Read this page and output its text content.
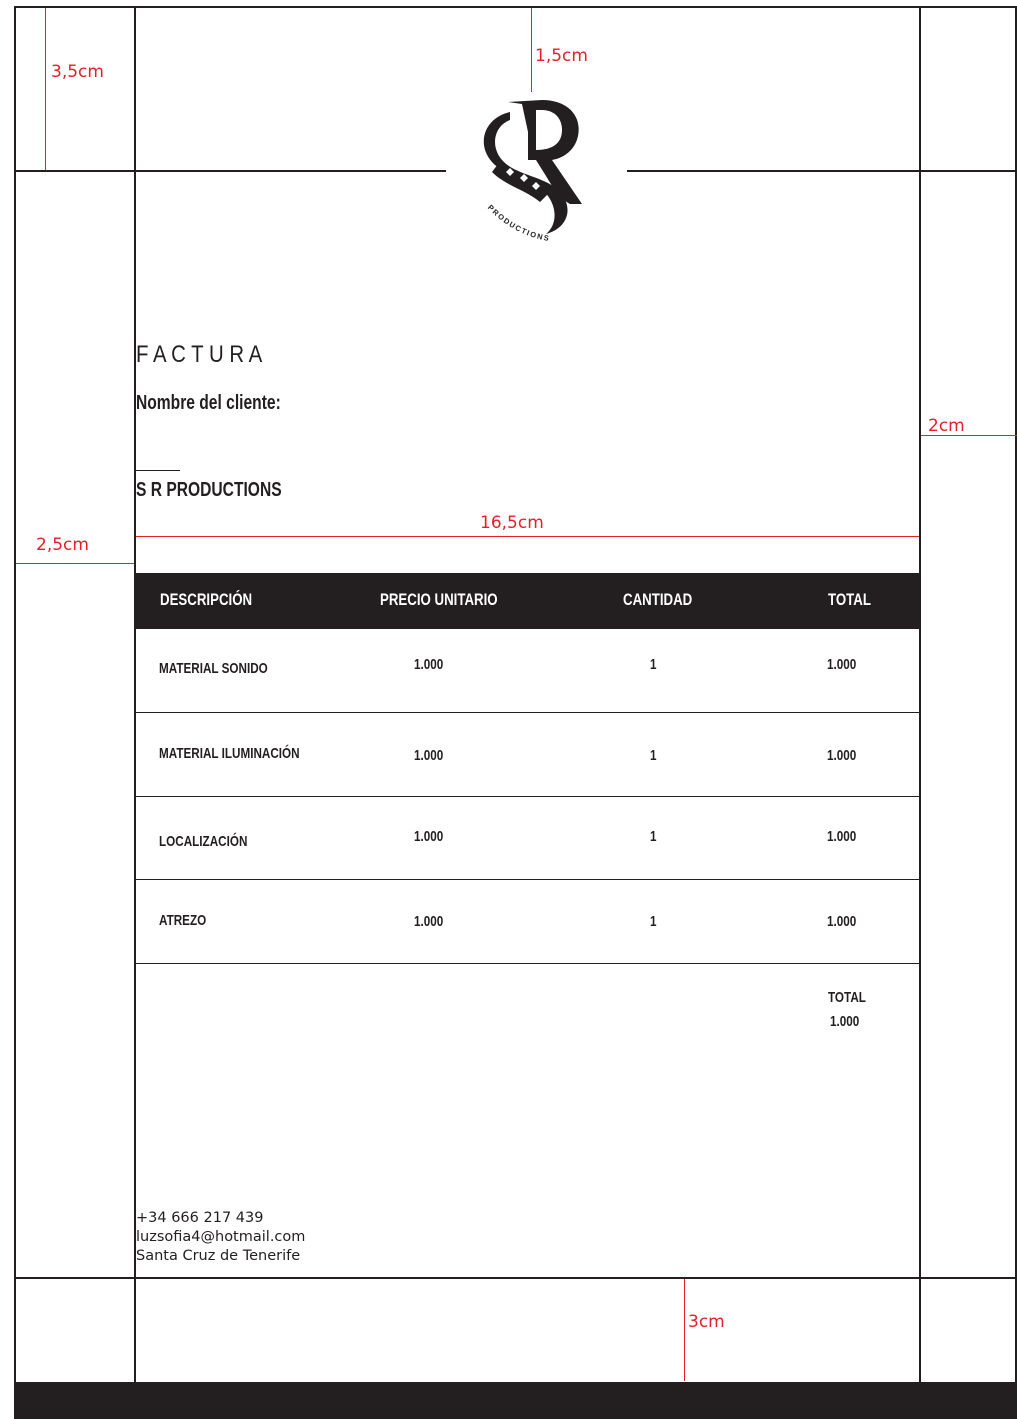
3,5cm
1,5cm
2cm
2,5cm
16,5cm
3cm
PRODUCTIONS
F A C T U R A
Nombre del cliente:
S R PRODUCTIONS
DESCRIPCIÓN	PRECIO UNITARIO	CANTIDAD	TOTAL
MATERIAL SONIDO	1.000	1	1.000
MATERIAL ILUMINACIÓN	1.000	1	1.000
LOCALIZACIÓN	1.000	1	1.000
ATREZO	1.000	1	1.000
TOTAL
1.000
+34 666 217 439
luzsofia4@hotmail.com
Santa Cruz de Tenerife
